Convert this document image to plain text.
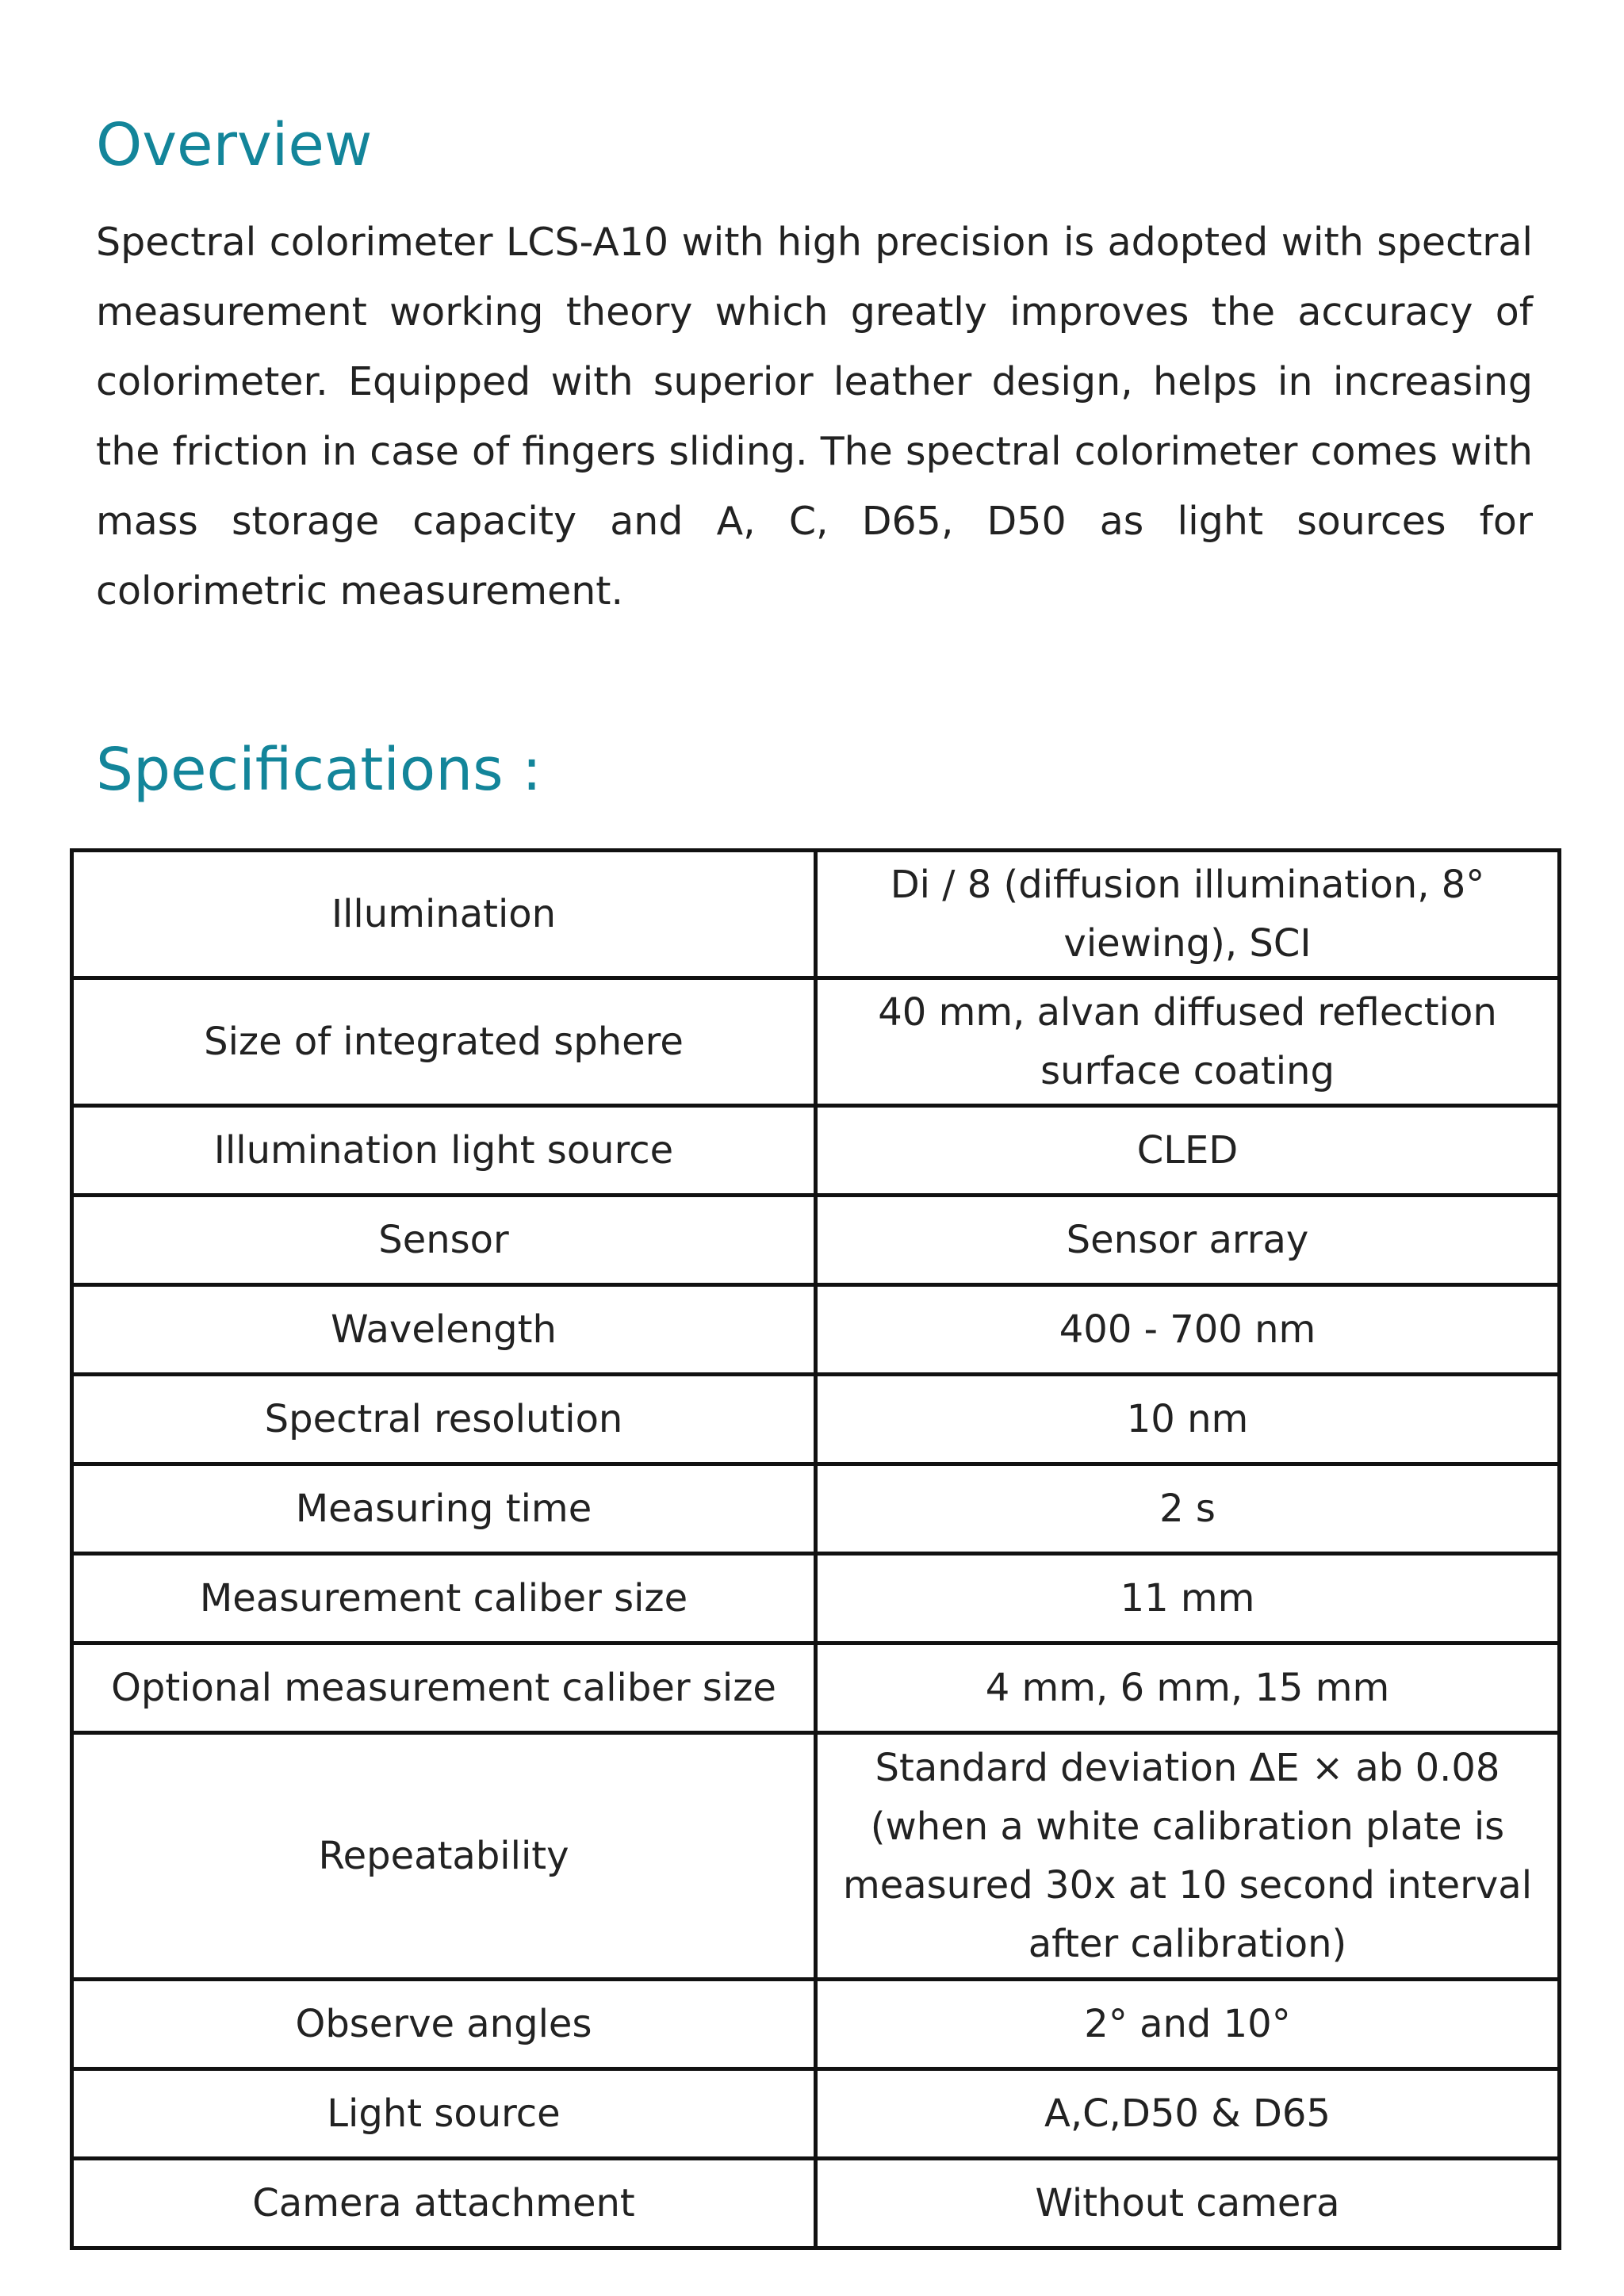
Overview

Spectral colorimeter LCS-A10 with high precision is adopted with spectral measurement working theory which greatly improves the accuracy of colorimeter. Equipped with superior leather design, helps in increasing the friction in case of fingers sliding. The spectral colorimeter comes with mass storage capacity and A, C, D65, D50 as light sources for colorimetric measurement.

Specifications :
Illumination	Di / 8 (diffusion illumination, 8° viewing), SCI
Size of integrated sphere	40 mm, alvan diffused reflection surface coating
Illumination light source	CLED
Sensor	Sensor array
Wavelength	400 - 700 nm
Spectral resolution	10 nm
Measuring time	2 s
Measurement caliber size	11 mm
Optional measurement caliber size	4 mm, 6 mm, 15 mm
Repeatability	Standard deviation ΔE × ab 0.08 (when a white calibration plate is measured 30x at 10 second interval after calibration)
Observe angles	2° and 10°
Light source	A,C,D50 & D65
Camera attachment	Without camera
